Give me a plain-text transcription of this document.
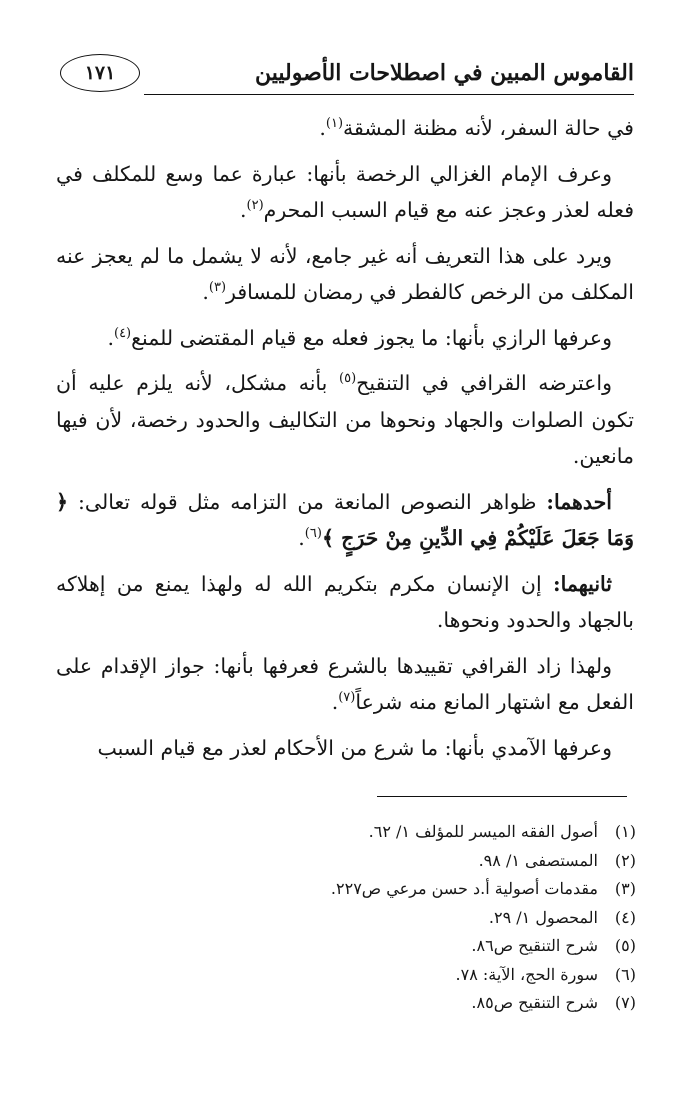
القاموس المبين في اصطلاحات الأصوليين
١٧١

في حالة السفر، لأنه مظنة المشقة$^{(١)}$.

وعرف الإمام الغزالي الرخصة بأنها: عبارة عما وسع للمكلف في فعله لعذر وعجز عنه مع قيام السبب المحرم$^{(٢)}$.

ويرد على هذا التعريف أنه غير جامع، لأنه لا يشمل ما لم يعجز عنه المكلف من الرخص كالفطر في رمضان للمسافر$^{(٣)}$.

وعرفها الرازي بأنها: ما يجوز فعله مع قيام المقتضى للمنع$^{(٤)}$.

واعترضه القرافي في التنقيح$^{(٥)}$ بأنه مشكل، لأنه يلزم عليه أن تكون الصلوات والجهاد ونحوها من التكاليف والحدود رخصة، لأن فيها مانعين.

أحدهما: ظواهر النصوص المانعة من التزامه مثل قوله تعالى: ﴿ وَمَا جَعَلَ عَلَيْكُمْ فِي الدِّينِ مِنْ حَرَجٍ ﴾$^{(٦)}$.

ثانيهما: إن الإنسان مكرم بتكريم الله له ولهذا يمنع من إهلاكه بالجهاد والحدود ونحوها.

ولهذا زاد القرافي تقييدها بالشرع فعرفها بأنها: جواز الإقدام على الفعل مع اشتهار المانع منه شرعاً$^{(٧)}$.

وعرفها الآمدي بأنها: ما شرع من الأحكام لعذر مع قيام السبب

(١)
أصول الفقه الميسر للمؤلف ١/ ٦٢.
(٢)
المستصفى ١/ ٩٨.
(٣)
مقدمات أصولية أ.د حسن مرعي ص٢٢٧.
(٤)
المحصول ١/ ٢٩.
(٥)
شرح التنقيح ص٨٦.
(٦)
سورة الحج، الآية: ٧٨.
(٧)
شرح التنقيح ص٨٥.
